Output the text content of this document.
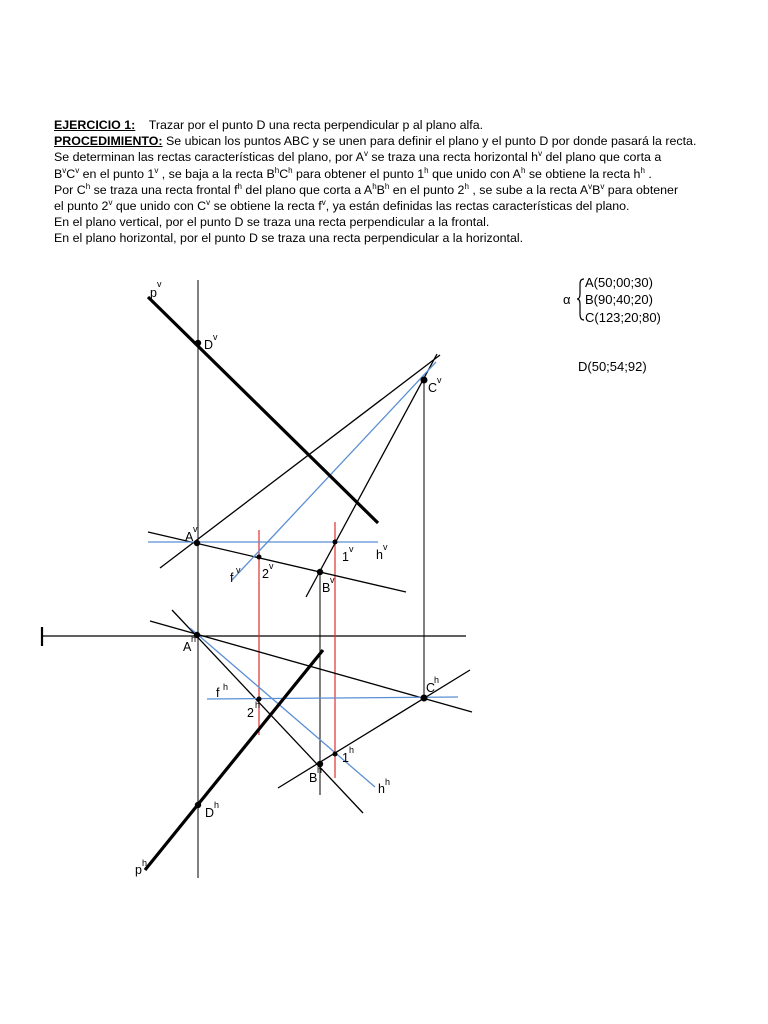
EJERCICIO 1: Trazar por el punto D una recta perpendicular p al plano alfa.

PROCEDIMIENTO: Se ubican los puntos ABC y se unen para definir el plano y el punto D por donde pasará la recta.

Se determinan las rectas características del plano, por $A^v$ se traza una recta horizontal $h^v$ del plano que corta a

$B^vC^v$ en el punto 1$^v$ , se baja a la recta $B^hC^h$ para obtener el punto 1$^h$ que unido con $A^h$ se obtiene la recta $h^h$ .

Por $C^h$ se traza una recta frontal $f^h$ del plano que corta a $A^hB^h$ en el punto 2$^h$ , se sube a la recta $A^vB^v$ para obtener

el punto 2$^v$ que unido con $C^v$ se obtiene la recta $f^v$, ya están definidas las rectas características del plano.

En el plano vertical, por el punto D se traza una recta perpendicular a la frontal.

En el plano horizontal, por el punto D se traza una recta perpendicular a la horizontal.

p
v
D
v
C
v
A
v
1
v h
v
f
v 2
v
B
v
A
h
C
h
f h
2
h
1
h
B
h
h h
D
h
p h
α
A(50;00;30)
B(90;40;20)
C(123;20;80)
D(50;54;92)
